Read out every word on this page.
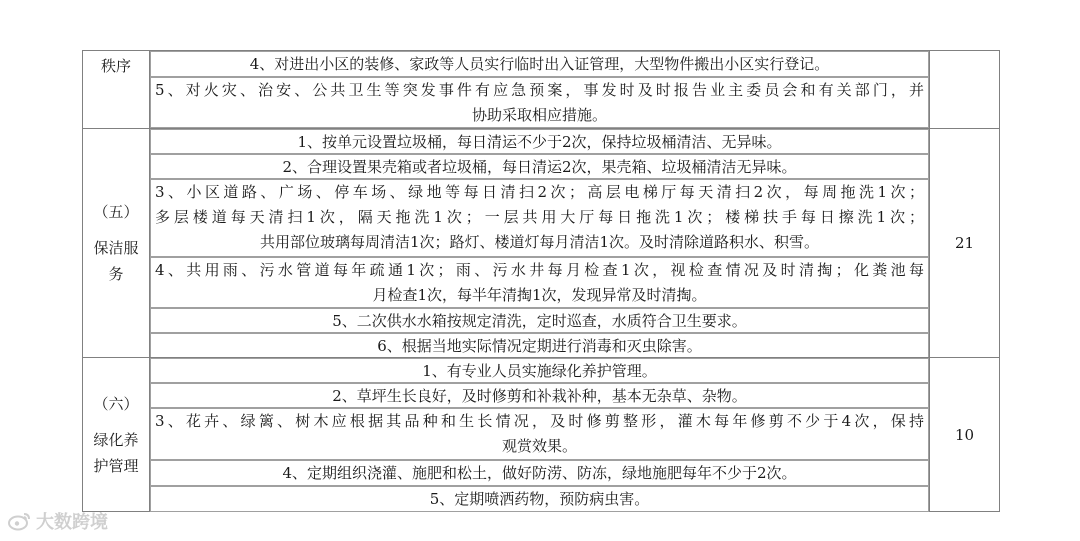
秩序	4、对进出小区的装修、家政等人员实行临时出入证管理，大型物件搬出小区实行登记。
5、对火灾、治安、公共卫生等突发事件有应急预案，事发时及时报告业主委员会和有关部门，并
协助采取相应措施。
（五）
保洁服
务
1、按单元设置垃圾桶，每日清运不少于2次，保持垃圾桶清洁、无异味。
2、合理设置果壳箱或者垃圾桶，每日清运2次，果壳箱、垃圾桶清洁无异味。
3、小区道路、广场、停车场、绿地等每日清扫2次；高层电梯厅每天清扫2次，每周拖洗1次；
多层楼道每天清扫1次，隔天拖洗1次；一层共用大厅每日拖洗1次；楼梯扶手每日擦洗1次；
共用部位玻璃每周清洁1次；路灯、楼道灯每月清洁1次。及时清除道路积水、积雪。
4、共用雨、污水管道每年疏通1次；雨、污水井每月检查1次，视检查情况及时清掏；化粪池每
月检查1次，每半年清掏1次，发现异常及时清掏。
5、二次供水水箱按规定清洗，定时巡查，水质符合卫生要求。
6、根据当地实际情况定期进行消毒和灭虫除害。
21
（六）
绿化养
护管理
1、有专业人员实施绿化养护管理。
2、草坪生长良好，及时修剪和补栽补种，基本无杂草、杂物。
3、花卉、绿篱、树木应根据其品种和生长情况，及时修剪整形，灌木每年修剪不少于4次，保持
观赏效果。
4、定期组织浇灌、施肥和松土，做好防涝、防冻，绿地施肥每年不少于2次。
5、定期喷洒药物，预防病虫害。
10
大数跨境
